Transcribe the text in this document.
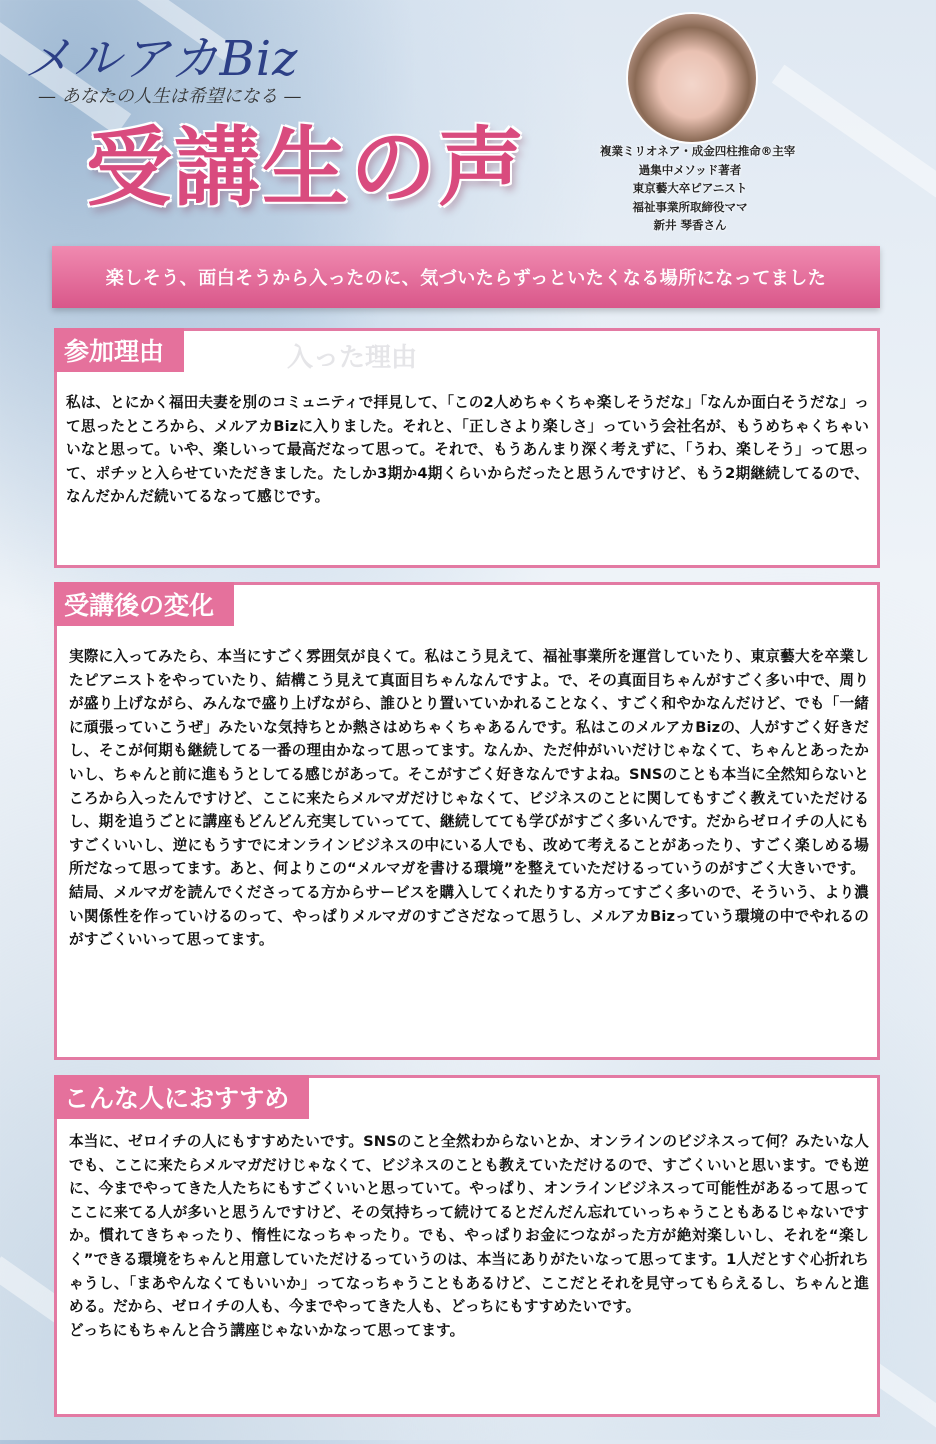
メルアカBiz
— あなたの人生は希望になる —
受講生の声	複業ミリオネア・成金四柱推命®主宰
過集中メソッド著者
東京藝大卒ピアニスト
福祉事業所取締役ママ
新井 琴香さん
楽しそう、面白そうから入ったのに、気づいたらずっといたくなる場所になってました
参加理由	入った理由
私は、とにかく福田夫妻を別のコミュニティで拝見して、「この2人めちゃくちゃ楽しそうだな」「なんか面白そうだな」って思ったところから、メルアカBizに入りました。それと、「正しさより楽しさ」っていう会社名が、もうめちゃくちゃいいなと思って。いや、楽しいって最高だなって思って。それで、もうあんまり深く考えずに、「うわ、楽しそう」って思って、ポチッと入らせていただきました。たしか3期か4期くらいからだったと思うんですけど、もう2期継続してるので、なんだかんだ続いてるなって感じです。
受講後の変化
実際に入ってみたら、本当にすごく雰囲気が良くて。私はこう見えて、福祉事業所を運営していたり、東京藝大を卒業したピアニストをやっていたり、結構こう見えて真面目ちゃんなんですよ。で、その真面目ちゃんがすごく多い中で、周りが盛り上げながら、みんなで盛り上げながら、誰ひとり置いていかれることなく、すごく和やかなんだけど、でも「一緒に頑張っていこうぜ」みたいな気持ちとか熱さはめちゃくちゃあるんです。私はこのメルアカBizの、人がすごく好きだし、そこが何期も継続してる一番の理由かなって思ってます。なんか、ただ仲がいいだけじゃなくて、ちゃんとあったかいし、ちゃんと前に進もうとしてる感じがあって。そこがすごく好きなんですよね。SNSのことも本当に全然知らないところから入ったんですけど、ここに来たらメルマガだけじゃなくて、ビジネスのことに関してもすごく教えていただけるし、期を追うごとに講座もどんどん充実していってて、継続してても学びがすごく多いんです。だからゼロイチの人にもすごくいいし、逆にもうすでにオンラインビジネスの中にいる人でも、改めて考えることがあったり、すごく楽しめる場所だなって思ってます。あと、何よりこの“メルマガを書ける環境”を整えていただけるっていうのがすごく大きいです。
結局、メルマガを読んでくださってる方からサービスを購入してくれたりする方ってすごく多いので、そういう、より濃い関係性を作っていけるのって、やっぱりメルマガのすごさだなって思うし、メルアカBizっていう環境の中でやれるのがすごくいいって思ってます。
こんな人におすすめ
本当に、ゼロイチの人にもすすめたいです。SNSのこと全然わからないとか、オンラインのビジネスって何？みたいな人でも、ここに来たらメルマガだけじゃなくて、ビジネスのことも教えていただけるので、すごくいいと思います。でも逆に、今までやってきた人たちにもすごくいいと思っていて。やっぱり、オンラインビジネスって可能性があるって思ってここに来てる人が多いと思うんですけど、その気持ちって続けてるとだんだん忘れていっちゃうこともあるじゃないですか。慣れてきちゃったり、惰性になっちゃったり。でも、やっぱりお金につながった方が絶対楽しいし、それを“楽しく”できる環境をちゃんと用意していただけるっていうのは、本当にありがたいなって思ってます。1人だとすぐ心折れちゃうし、「まあやんなくてもいいか」ってなっちゃうこともあるけど、ここだとそれを見守ってもらえるし、ちゃんと進める。だから、ゼロイチの人も、今までやってきた人も、どっちにもすすめたいです。
どっちにもちゃんと合う講座じゃないかなって思ってます。
